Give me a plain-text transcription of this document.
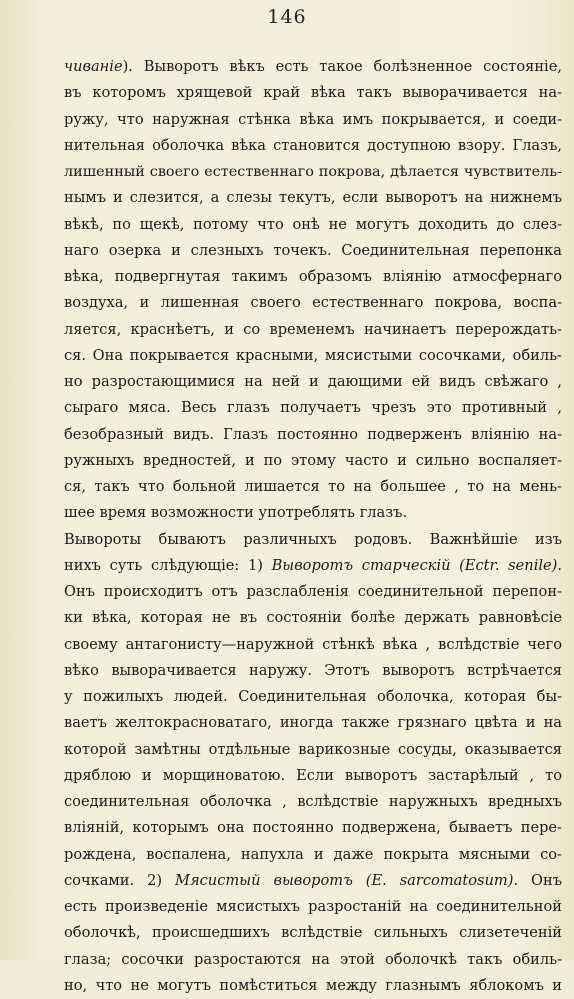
146
чиваніе). Выворотъ вѣкъ есть такое болѣзненное состояніе,
въ которомъ хрящевой край вѣка такъ выворачивается на-
ружу, что наружная стѣнка вѣка имъ покрывается, и соеди-
нительная оболочка вѣка становится доступною взору. Глазъ,
лишенный своего естественнаго покрова, дѣлается чувствитель-
нымъ и слезится, а слезы текутъ, если выворотъ на нижнемъ
вѣкѣ, по щекѣ, потому что онѣ не могутъ доходить до слез-
наго озерка и слезныхъ точекъ. Соединительная перепонка
вѣка, подвергнутая такимъ образомъ вліянію атмосфернаго
воздуха, и лишенная своего естественнаго покрова, воспа-
ляется, краснѣетъ, и со временемъ начинаетъ перерождать-
ся. Она покрывается красными, мясистыми сосочками, обиль-
но разростающимися на ней и дающими ей видъ свѣжаго ,
сыраго мяса. Весь глазъ получаетъ чрезъ это противный ,
безобразный видъ. Глазъ постоянно подверженъ вліянію на-
ружныхъ вредностей, и по этому часто и сильно воспаляет-
ся, такъ что больной лишается то на большее , то на мень-
шее время возможности употреблять глазъ.
Вывороты бываютъ различныхъ родовъ. Важнѣйшіе изъ
нихъ суть слѣдующіе: 1) Выворотъ старческій (Ectr. senile).
Онъ происходитъ отъ разслабленія соединительной перепон-
ки вѣка, которая не въ состояніи болѣе держать равновѣсіе
своему антагонисту—наружной стѣнкѣ вѣка , вслѣдствіе чего
вѣко выворачивается наружу. Этотъ выворотъ встрѣчается
у пожилыхъ людей. Соединительная оболочка, которая бы-
ваетъ желтокрасноватаго, иногда также грязнаго цвѣта и на
которой замѣтны отдѣльные варикозные сосуды, оказывается
дряблою и морщиноватою. Если выворотъ застарѣлый , то
соединительная оболочка , вслѣдствіе наружныхъ вредныхъ
вліяній, которымъ она постоянно подвержена, бываетъ пере-
рождена, воспалена, напухла и даже покрыта мясными со-
сочками. 2) Мясистый выворотъ (E. sarcomatosum). Онъ
есть произведеніе мясистыхъ разростаній на соединительной
оболочкѣ, происшедшихъ вслѣдствіе сильныхъ слизетеченій
глаза; сосочки разростаются на этой оболочкѣ такъ обиль-
но, что не могутъ помѣститься между глазнымъ яблокомъ и
